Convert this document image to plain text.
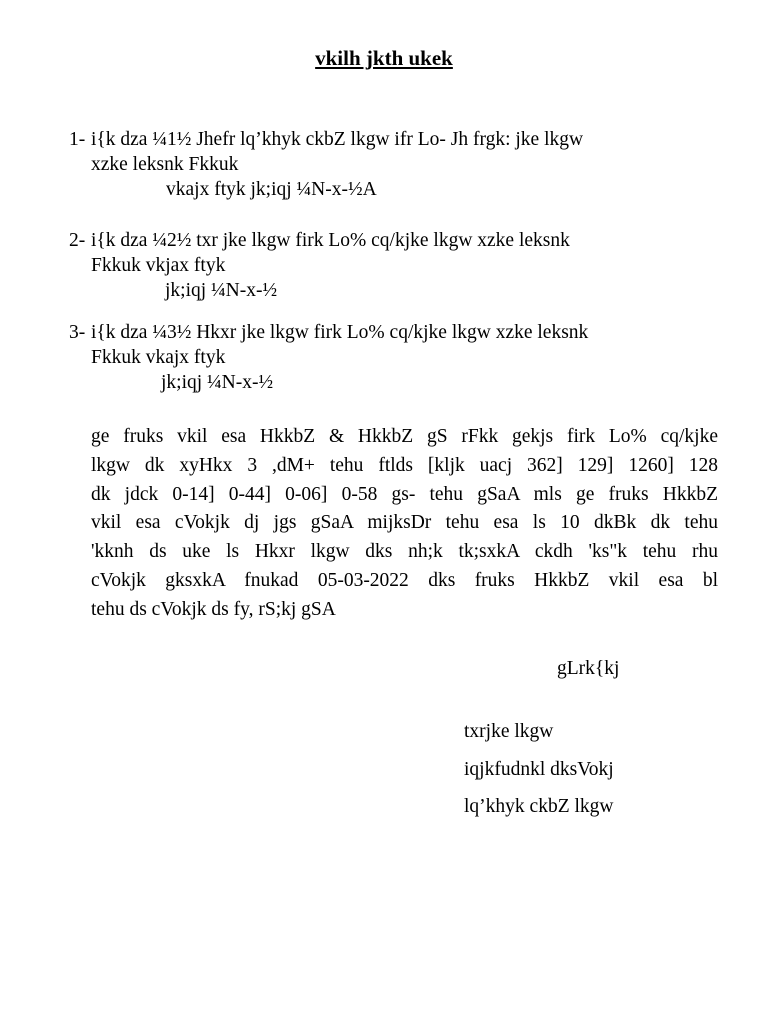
vkilh jkth ukek
1- i{k dza ¼1½ Jhefr lq’khyk ckbZ lkgw ifr Lo- Jh frgk: jke lkgw
xzke leksnk Fkkuk
vkajx ftyk jk;iqj ¼N-x-½A
2- i{k dza ¼2½ txr jke lkgw firk Lo% cq/kjke lkgw xzke leksnk
Fkkuk vkjax ftyk
jk;iqj ¼N-x-½
3- i{k dza ¼3½ Hkxr jke lkgw firk Lo% cq/kjke lkgw xzke leksnk
Fkkuk vkajx ftyk
jk;iqj ¼N-x-½
ge fruks vkil esa HkkbZ & HkkbZ gS rFkk gekjs firk Lo% cq/kjke
lkgw dk xyHkx 3 ,dM+ tehu ftlds [kljk uacj 362] 129] 1260] 128
dk jdck 0-14] 0-44] 0-06] 0-58 gs- tehu gSaA mls ge fruks HkkbZ
vkil esa cVokjk dj jgs gSaA mijksDr tehu esa ls 10 dkBk dk tehu
'kknh ds uke ls Hkxr lkgw dks nh;k tk;sxkA ckdh 'ks"k tehu rhu
cVokjk gksxkA fnukad 05-03-2022 dks fruks HkkbZ vkil esa bl
tehu ds cVokjk ds fy, rS;kj gSA
gLrk{kj
txrjke lkgw
iqjkfudnkl dksVokj
lq’khyk ckbZ lkgw
